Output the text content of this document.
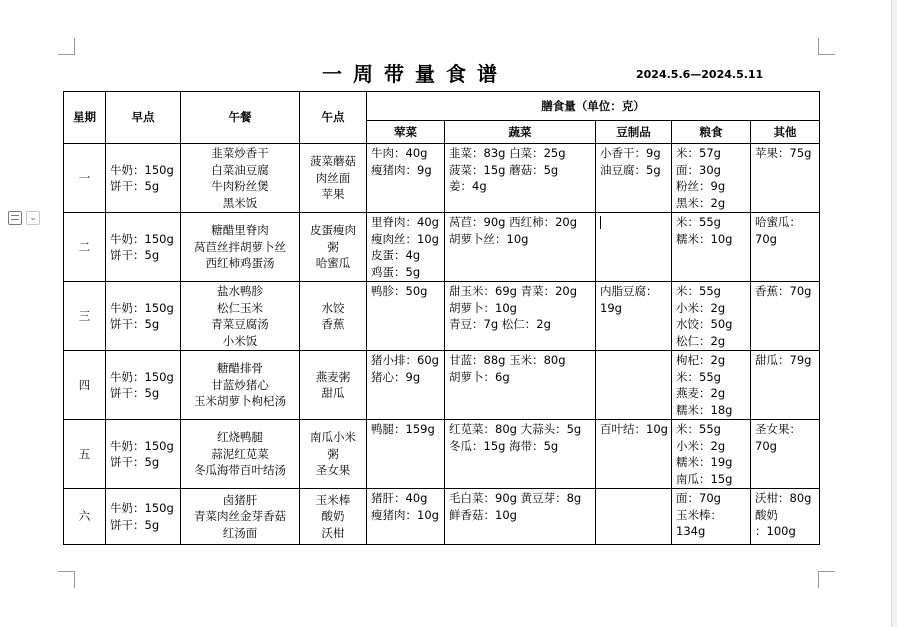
⌄
一周带量食谱	2024.5.6—2024.5.11
星期	早点	午餐	午点	膳食量（单位：克）				
				荤菜	蔬菜	豆制品	粮食	其他
一	牛奶：150g
饼干：5g	韭菜炒香干
白菜油豆腐
牛肉粉丝煲
黑米饭	菠菜蘑菇
肉丝面
苹果	牛肉：40g
瘦猪肉：9g	韭菜：83g 白菜：25g
菠菜：15g 蘑菇：5g
姜：4g	小香干：9g
油豆腐：5g	米：57g
面：30g
粉丝：9g
黑米：2g	苹果：75g

二	牛奶：150g
饼干：5g	糖醋里脊肉
莴苣丝拌胡萝卜丝
西红柿鸡蛋汤	皮蛋瘦肉
粥
哈蜜瓜	里脊肉：40g
瘦肉丝：10g
皮蛋：4g
鸡蛋：5g	莴苣：90g 西红柿：20g
胡萝卜丝：10g		米：55g
糯米：10g	哈蜜瓜：
70g

三	牛奶：150g
饼干：5g	盐水鸭胗
松仁玉米
青菜豆腐汤
小米饭	水饺
香蕉	鸭胗：50g	甜玉米：69g 青菜：20g
胡萝卜：10g
青豆：7g 松仁：2g	内脂豆腐：
19g	米：55g
小米：2g
水饺：50g
松仁：2g	香蕉：70g

四	牛奶：150g
饼干：5g	糖醋排骨
甘蓝炒猪心
玉米胡萝卜枸杞汤	燕麦粥
甜瓜	猪小排：60g
猪心：9g	甘蓝：88g 玉米：80g
胡萝卜：6g		枸杞：2g
米：55g
燕麦：2g
糯米：18g	甜瓜：79g

五	牛奶：150g
饼干：5g	红烧鸭腿
蒜泥红苋菜
冬瓜海带百叶结汤	南瓜小米
粥
圣女果	鸭腿：159g	红苋菜：80g 大蒜头：5g
冬瓜：15g 海带：5g	百叶结：10g	米：55g
小米：2g
糯米：19g
南瓜：15g	圣女果：
70g

六	牛奶：150g
饼干：5g	卤猪肝
青菜肉丝金芽香菇
红汤面	玉米棒
酸奶
沃柑	猪肝：40g
瘦猪肉：10g	毛白菜：90g 黄豆芽：8g
鲜香菇：10g		面：70g
玉米棒：
134g	沃柑：80g
酸奶
：100g
